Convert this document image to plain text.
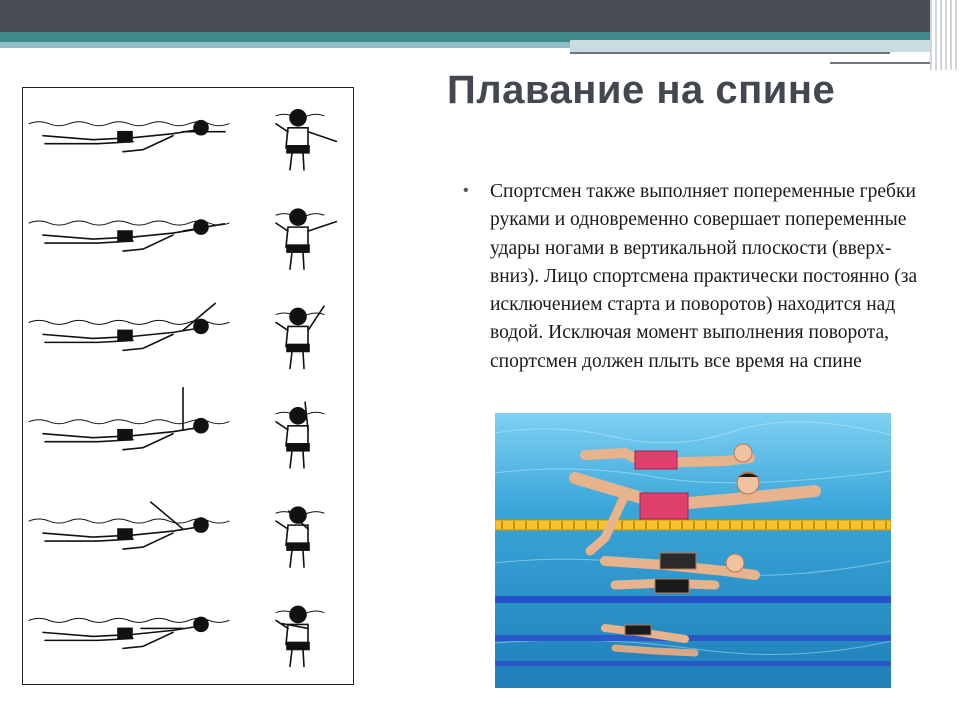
Плавание на спине
• Спортсмен также выполняет попеременные гребки руками и одновременно совершает попеременные удары ногами в вертикальной плоскости (вверх-вниз). Лицо спортсмена практически постоянно (за исключением старта и поворотов) находится над водой. Исключая момент выполнения поворота, спортсмен должен плыть все время на спине
